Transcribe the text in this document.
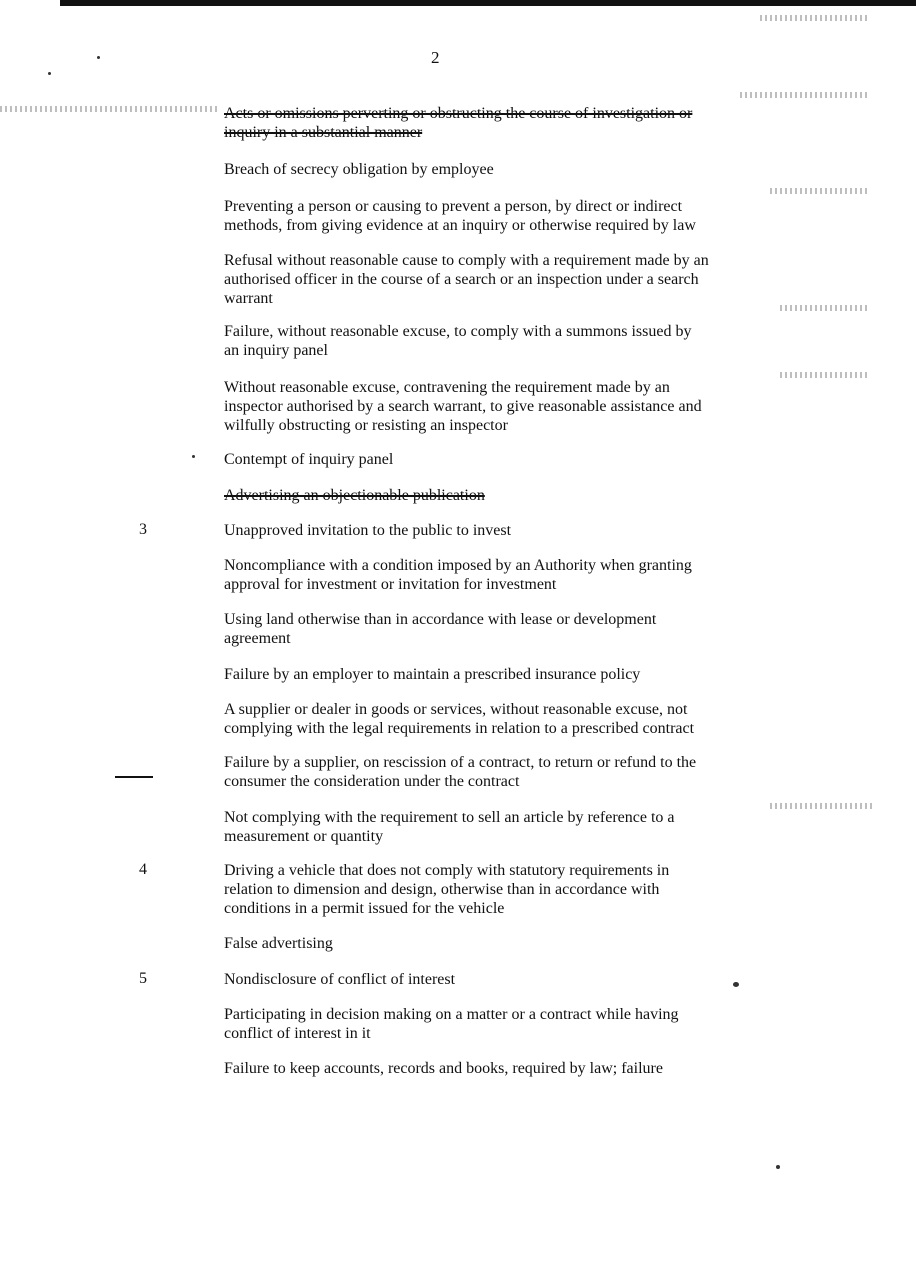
2
Acts or omissions perverting or obstructing the course of investigation or
inquiry in a substantial manner
Breach of secrecy obligation by employee
Preventing a person or causing to prevent a person, by direct or indirect
methods, from giving evidence at an inquiry or otherwise required by law
Refusal without reasonable cause to comply with a requirement made by an
authorised officer in the course of a search or an inspection under a search
warrant
Failure, without reasonable excuse, to comply with a summons issued by
an inquiry panel
Without reasonable excuse, contravening the requirement made by an
inspector authorised by a search warrant, to give reasonable assistance and
wilfully obstructing or resisting an inspector
Contempt of inquiry panel
Advertising an objectionable publication
Unapproved invitation to the public to invest
Noncompliance with a condition imposed by an Authority when granting
approval for investment or invitation for investment
Using land otherwise than in accordance with lease or development
agreement
Failure by an employer to maintain a prescribed insurance policy
A supplier or dealer in goods or services, without reasonable excuse, not
complying with the legal requirements in relation to a prescribed contract
Failure by a supplier, on rescission of a contract, to return or refund to the
consumer the consideration under the contract
Not complying with the requirement to sell an article by reference to a
measurement or quantity
Driving a vehicle that does not comply with statutory requirements in
relation to dimension and design, otherwise than in accordance with
conditions in a permit issued for the vehicle
False advertising
Nondisclosure of conflict of interest
Participating in decision making on a matter or a contract while having
conflict of interest in it
Failure to keep accounts, records and books, required by law; failure
3
4
5
